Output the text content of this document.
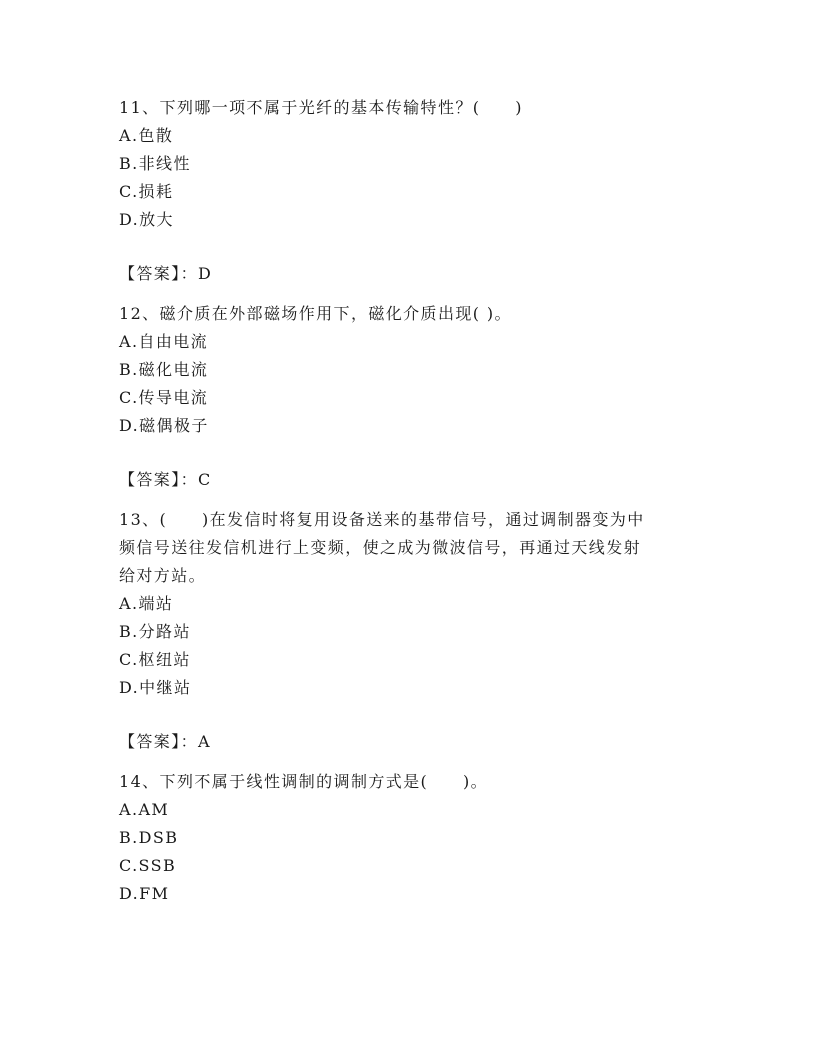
11、下列哪一项不属于光纤的基本传输特性？(　　)
A.色散
B.非线性
C.损耗
D.放大
【答案】：D
12、磁介质在外部磁场作用下，磁化介质出现( )。
A.自由电流
B.磁化电流
C.传导电流
D.磁偶极子
【答案】：C
13、(　　)在发信时将复用设备送来的基带信号，通过调制器变为中
频信号送往发信机进行上变频，使之成为微波信号，再通过天线发射
给对方站。
A.端站
B.分路站
C.枢纽站
D.中继站
【答案】：A
14、下列不属于线性调制的调制方式是(　　)。
A.AM
B.DSB
C.SSB
D.FM
